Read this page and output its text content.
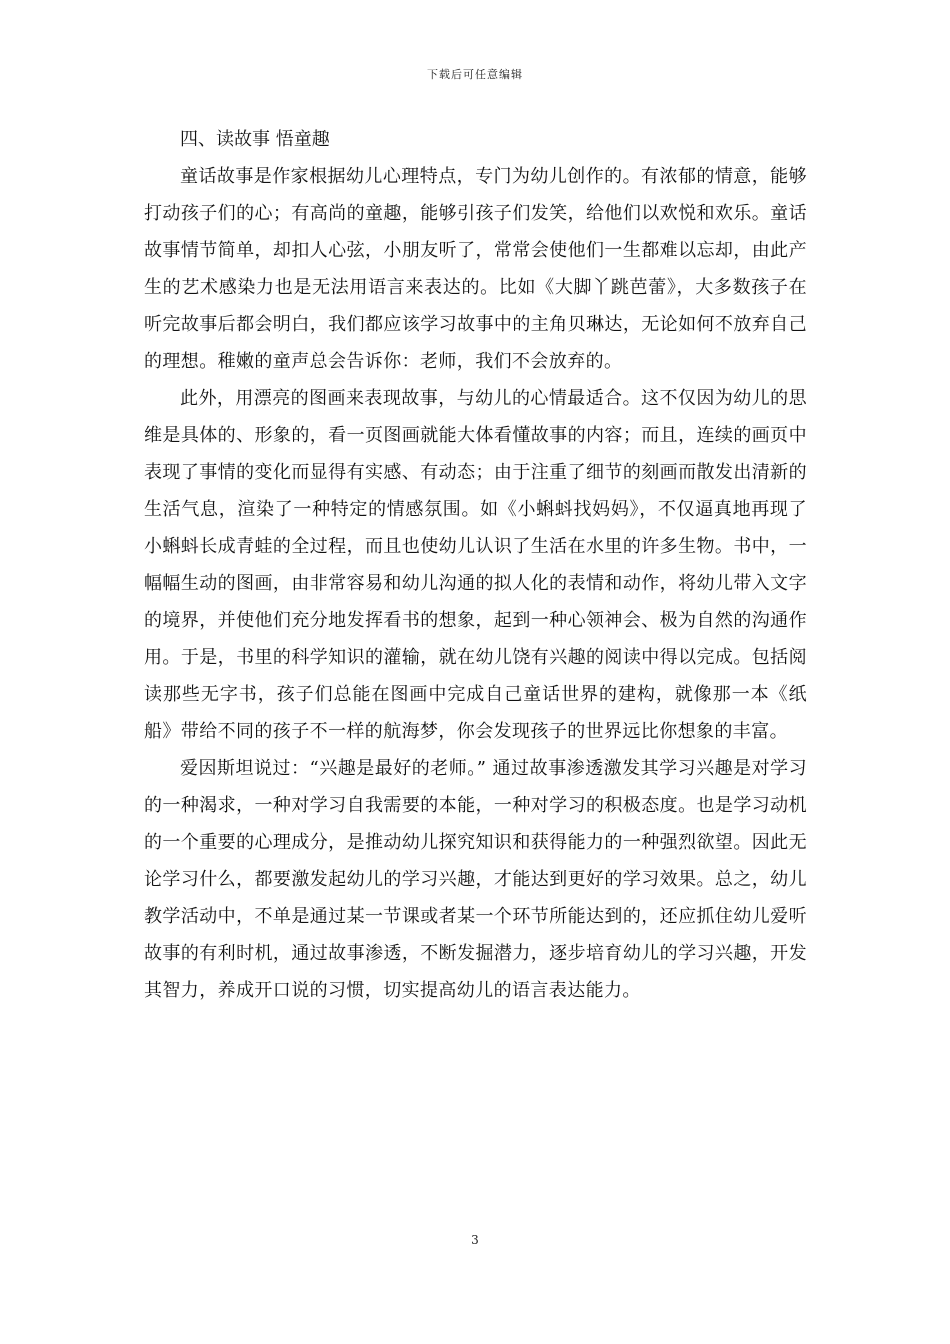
下载后可任意编辑

四、读故事 悟童趣

童话故事是作家根据幼儿心理特点，专门为幼儿创作的。有浓郁的情意，能够打动孩子们的心；有高尚的童趣，能够引孩子们发笑，给他们以欢悦和欢乐。童话故事情节简单，却扣人心弦，小朋友听了，常常会使他们一生都难以忘却，由此产生的艺术感染力也是无法用语言来表达的。比如《大脚丫跳芭蕾》，大多数孩子在听完故事后都会明白，我们都应该学习故事中的主角贝琳达，无论如何不放弃自己的理想。稚嫩的童声总会告诉你：老师，我们不会放弃的。

此外，用漂亮的图画来表现故事，与幼儿的心情最适合。这不仅因为幼儿的思维是具体的、形象的，看一页图画就能大体看懂故事的内容；而且，连续的画页中表现了事情的变化而显得有实感、有动态；由于注重了细节的刻画而散发出清新的生活气息，渲染了一种特定的情感氛围。如《小蝌蚪找妈妈》，不仅逼真地再现了小蝌蚪长成青蛙的全过程，而且也使幼儿认识了生活在水里的许多生物。书中，一幅幅生动的图画，由非常容易和幼儿沟通的拟人化的表情和动作，将幼儿带入文字的境界，并使他们充分地发挥看书的想象，起到一种心领神会、极为自然的沟通作用。于是，书里的科学知识的灌输，就在幼儿饶有兴趣的阅读中得以完成。包括阅读那些无字书，孩子们总能在图画中完成自己童话世界的建构，就像那一本《纸船》带给不同的孩子不一样的航海梦，你会发现孩子的世界远比你想象的丰富。

爱因斯坦说过：“兴趣是最好的老师。” 通过故事渗透激发其学习兴趣是对学习的一种渴求，一种对学习自我需要的本能，一种对学习的积极态度。也是学习动机的一个重要的心理成分，是推动幼儿探究知识和获得能力的一种强烈欲望。因此无论学习什么，都要激发起幼儿的学习兴趣，才能达到更好的学习效果。总之，幼儿教学活动中，不单是通过某一节课或者某一个环节所能达到的，还应抓住幼儿爱听故事的有利时机，通过故事渗透，不断发掘潜力，逐步培育幼儿的学习兴趣，开发其智力，养成开口说的习惯，切实提高幼儿的语言表达能力。

3
